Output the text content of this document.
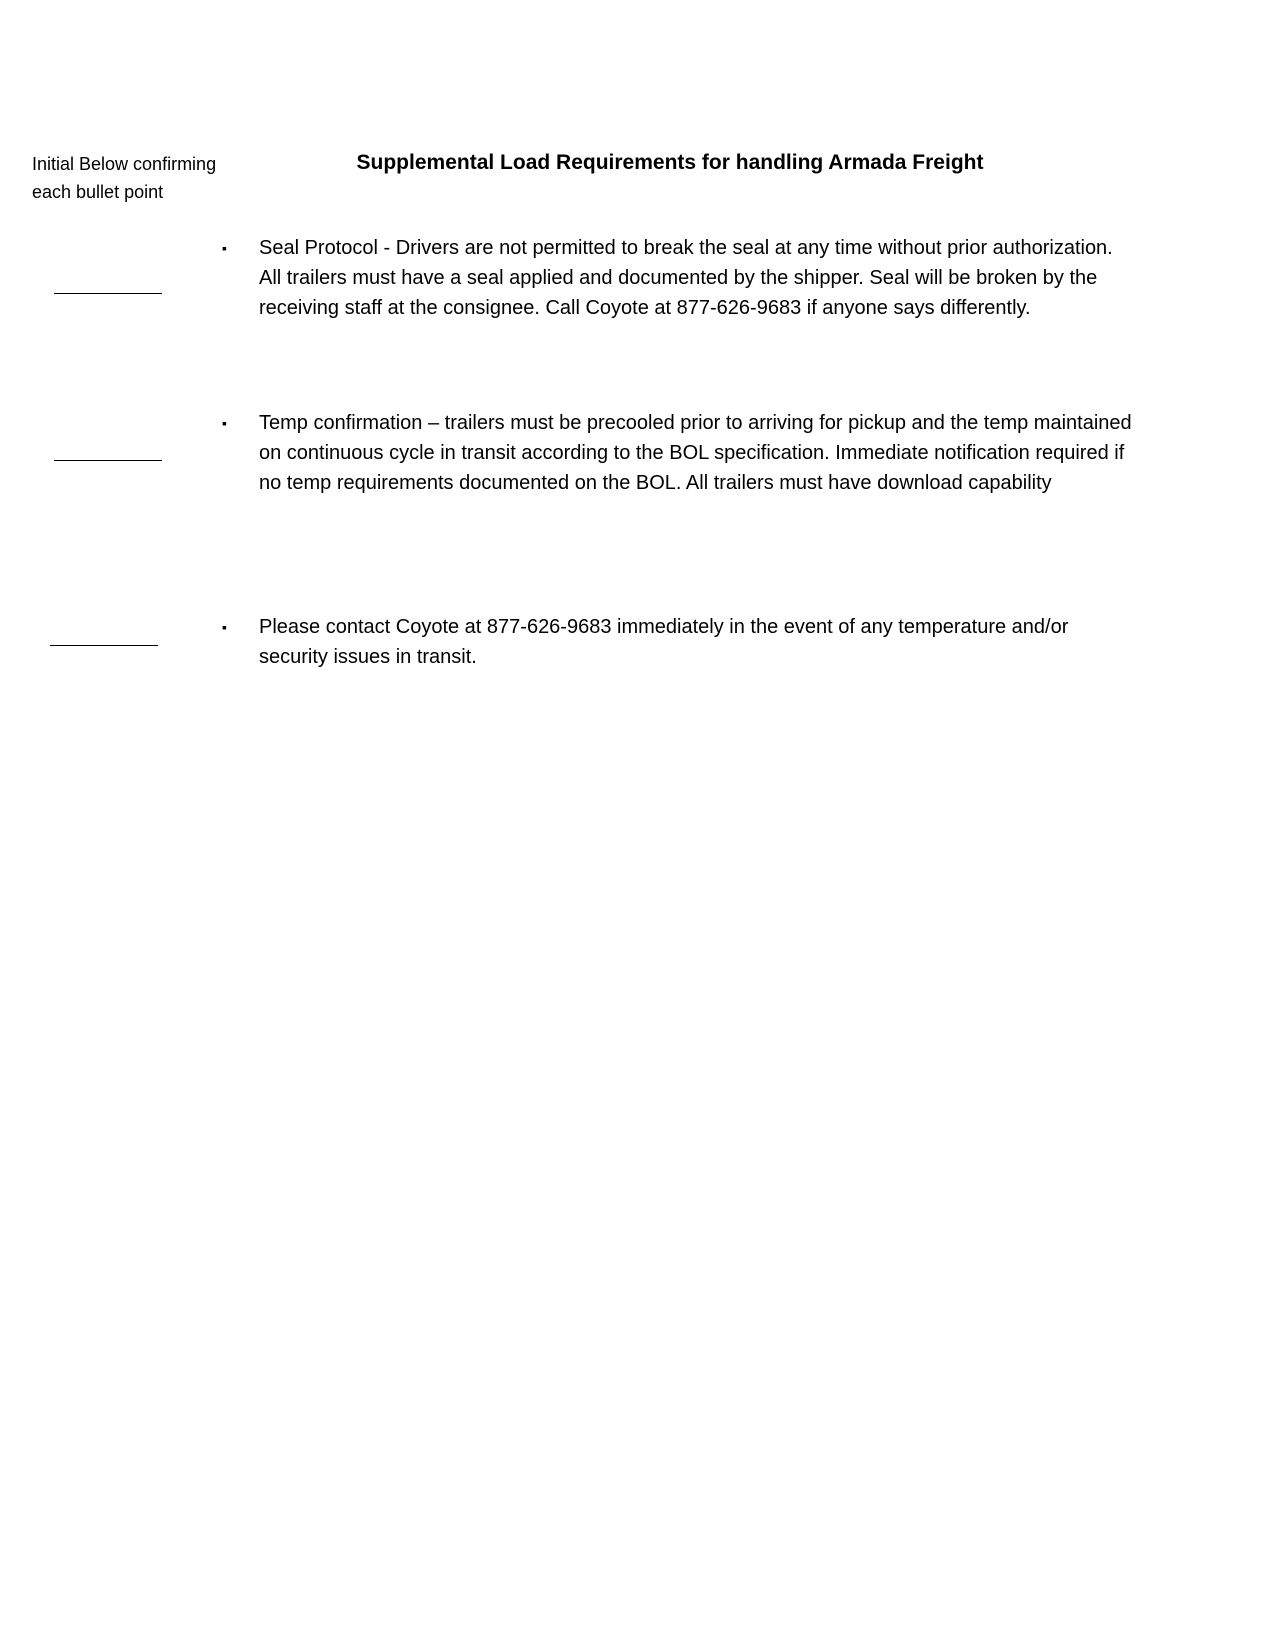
Initial Below confirming each bullet point
Supplemental Load Requirements for handling Armada Freight
▪ Seal Protocol - Drivers are not permitted to break the seal at any time without prior authorization. All trailers must have a seal applied and documented by the shipper. Seal will be broken by the receiving staff at the consignee. Call Coyote at 877-626-9683 if anyone says differently.
▪ Temp confirmation – trailers must be precooled prior to arriving for pickup and the temp maintained on continuous cycle in transit according to the BOL specification. Immediate notification required if no temp requirements documented on the BOL. All trailers must have download capability
▪ Please contact Coyote at 877-626-9683 immediately in the event of any temperature and/or security issues in transit.
